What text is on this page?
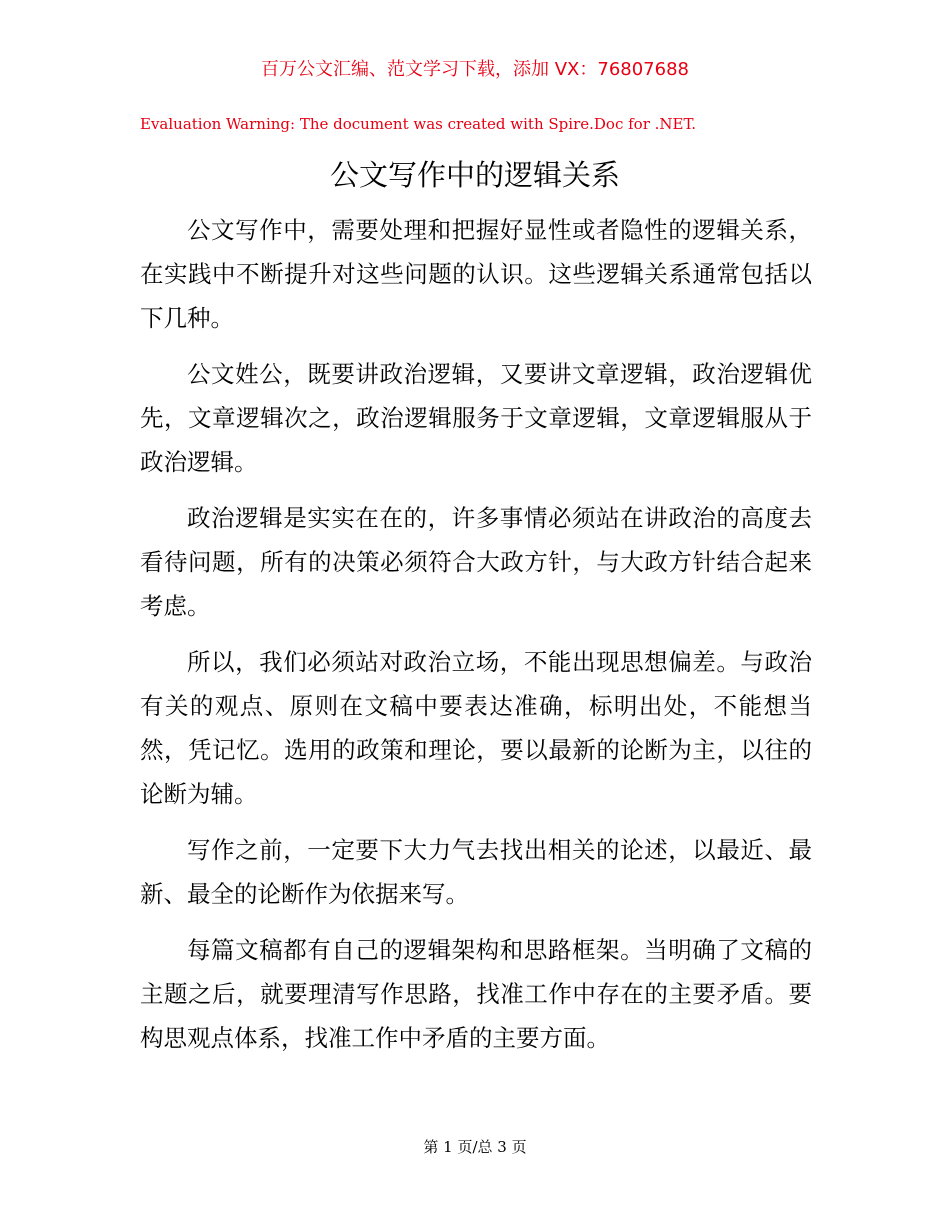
百万公文汇编、范文学习下载，添加 VX：76807688
Evaluation Warning: The document was created with Spire.Doc for .NET.
公文写作中的逻辑关系

公文写作中，需要处理和把握好显性或者隐性的逻辑关系，在实践中不断提升对这些问题的认识。这些逻辑关系通常包括以下几种。

公文姓公，既要讲政治逻辑，又要讲文章逻辑，政治逻辑优先，文章逻辑次之，政治逻辑服务于文章逻辑，文章逻辑服从于政治逻辑。

政治逻辑是实实在在的，许多事情必须站在讲政治的高度去看待问题，所有的决策必须符合大政方针，与大政方针结合起来考虑。

所以，我们必须站对政治立场，不能出现思想偏差。与政治有关的观点、原则在文稿中要表达准确，标明出处，不能想当然，凭记忆。选用的政策和理论，要以最新的论断为主，以往的论断为辅。

写作之前，一定要下大力气去找出相关的论述，以最近、最新、最全的论断作为依据来写。

每篇文稿都有自己的逻辑架构和思路框架。当明确了文稿的主题之后，就要理清写作思路，找准工作中存在的主要矛盾。要构思观点体系，找准工作中矛盾的主要方面。

第 1 页/总 3 页
